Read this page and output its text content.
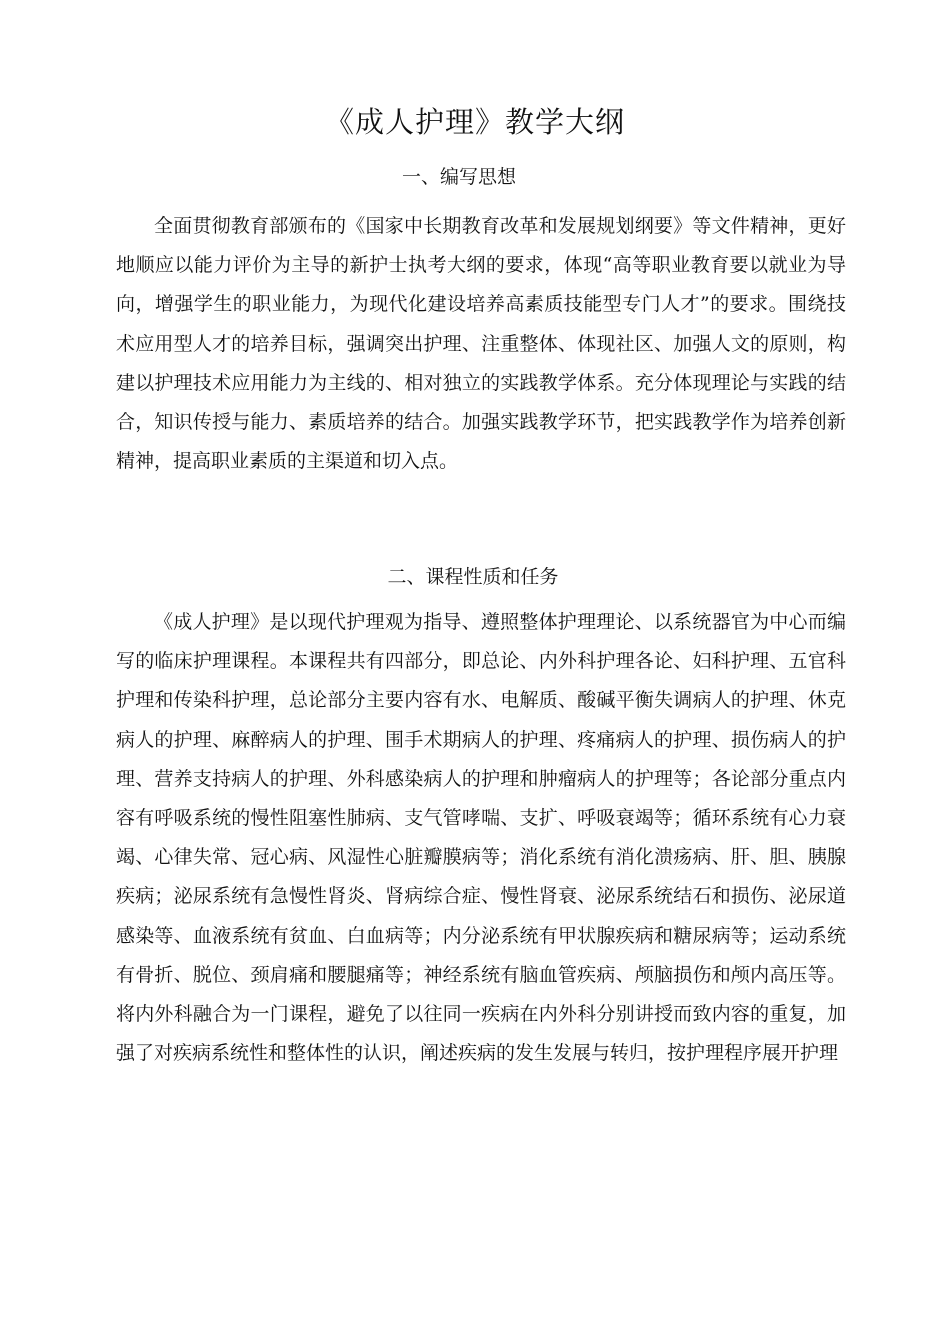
《成人护理》教学大纲
一、编写思想

全面贯彻教育部颁布的《国家中长期教育改革和发展规划纲要》等文件精神，更好地顺应以能力评价为主导的新护士执考大纲的要求，体现“高等职业教育要以就业为导向，增强学生的职业能力，为现代化建设培养高素质技能型专门人才”的要求。围绕技术应用型人才的培养目标，强调突出护理、注重整体、体现社区、加强人文的原则，构建以护理技术应用能力为主线的、相对独立的实践教学体系。充分体现理论与实践的结合，知识传授与能力、素质培养的结合。加强实践教学环节，把实践教学作为培养创新精神，提高职业素质的主渠道和切入点。

二、课程性质和任务

《成人护理》是以现代护理观为指导、遵照整体护理理论、以系统器官为中心而编写的临床护理课程。本课程共有四部分，即总论、内外科护理各论、妇科护理、五官科护理和传染科护理，总论部分主要内容有水、电解质、酸碱平衡失调病人的护理、休克病人的护理、麻醉病人的护理、围手术期病人的护理、疼痛病人的护理、损伤病人的护理、营养支持病人的护理、外科感染病人的护理和肿瘤病人的护理等；各论部分重点内容有呼吸系统的慢性阻塞性肺病、支气管哮喘、支扩、呼吸衰竭等；循环系统有心力衰竭、心律失常、冠心病、风湿性心脏瓣膜病等；消化系统有消化溃疡病、肝、胆、胰腺疾病；泌尿系统有急慢性肾炎、肾病综合症、慢性肾衰、泌尿系统结石和损伤、泌尿道感染等、血液系统有贫血、白血病等；内分泌系统有甲状腺疾病和糖尿病等；运动系统有骨折、脱位、颈肩痛和腰腿痛等；神经系统有脑血管疾病、颅脑损伤和颅内高压等。将内外科融合为一门课程，避免了以往同一疾病在内外科分别讲授而致内容的重复，加强了对疾病系统性和整体性的认识，阐述疾病的发生发展与转归，按护理程序展开护理
